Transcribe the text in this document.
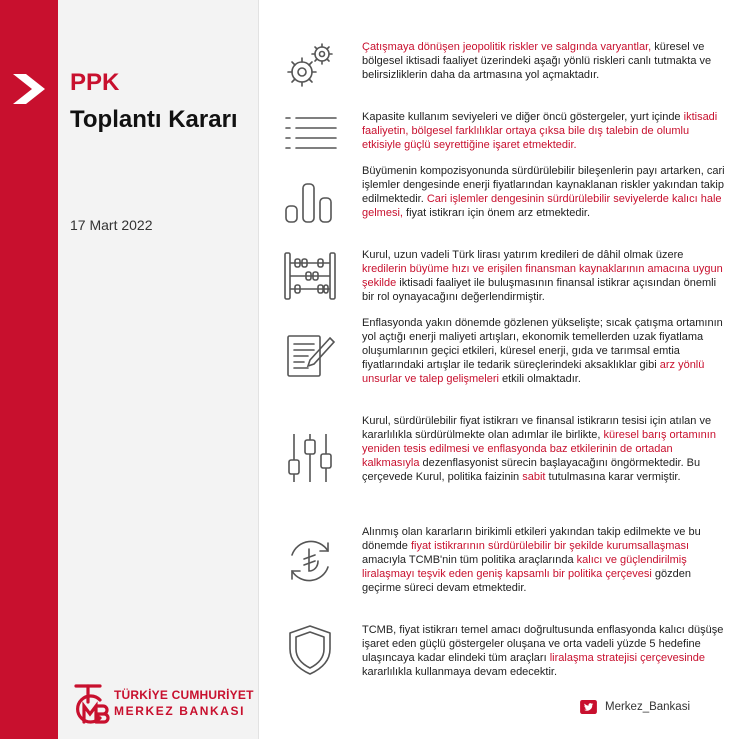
PPK
Toplantı Kararı
17 Mart 2022
TÜRKİYE CUMHURİYET
MERKEZ BANKASI
Çatışmaya dönüşen jeopolitik riskler ve salgında varyantlar, küresel ve bölgesel iktisadi faaliyet üzerindeki aşağı yönlü riskleri canlı tutmakta ve belirsizliklerin daha da artmasına yol açmaktadır.
Kapasite kullanım seviyeleri ve diğer öncü göstergeler, yurt içinde iktisadi faaliyetin, bölgesel farklılıklar ortaya çıksa bile dış talebin de olumlu etkisiyle güçlü seyrettiğine işaret etmektedir.
Büyümenin kompozisyonunda sürdürülebilir bileşenlerin payı artarken, cari işlemler dengesinde enerji fiyatlarından kaynaklanan riskler yakından takip edilmektedir. Cari işlemler dengesinin sürdürülebilir seviyelerde kalıcı hale gelmesi, fiyat istikrarı için önem arz etmektedir.
Kurul, uzun vadeli Türk lirası yatırım kredileri de dâhil olmak üzere kredilerin büyüme hızı ve erişilen finansman kaynaklarının amacına uygun şekilde iktisadi faaliyet ile buluşmasının finansal istikrar açısından önemli bir rol oynayacağını değerlendirmiştir.
Enflasyonda yakın dönemde gözlenen yükselişte; sıcak çatışma ortamının yol açtığı enerji maliyeti artışları, ekonomik temellerden uzak fiyatlama oluşumlarının geçici etkileri, küresel enerji, gıda ve tarımsal emtia fiyatlarındaki artışlar ile tedarik süreçlerindeki aksaklıklar gibi arz yönlü unsurlar ve talep gelişmeleri etkili olmaktadır.
Kurul, sürdürülebilir fiyat istikrarı ve finansal istikrarın tesisi için atılan ve kararlılıkla sürdürülmekte olan adımlar ile birlikte, küresel barış ortamının yeniden tesis edilmesi ve enflasyonda baz etkilerinin de ortadan kalkmasıyla dezenflasyonist sürecin başlayacağını öngörmektedir. Bu çerçevede Kurul, politika faizinin sabit tutulmasına karar vermiştir.
Alınmış olan kararların birikimli etkileri yakından takip edilmekte ve bu dönemde fiyat istikrarının sürdürülebilir bir şekilde kurumsallaşması amacıyla TCMB'nin tüm politika araçlarında kalıcı ve güçlendirilmiş liralaşmayı teşvik eden geniş kapsamlı bir politika çerçevesi gözden geçirme süreci devam etmektedir.
TCMB, fiyat istikrarı temel amacı doğrultusunda enflasyonda kalıcı düşüşe işaret eden güçlü göstergeler oluşana ve orta vadeli yüzde 5 hedefine ulaşıncaya kadar elindeki tüm araçları liralaşma stratejisi çerçevesinde kararlılıkla kullanmaya devam edecektir.
Merkez_Bankasi
